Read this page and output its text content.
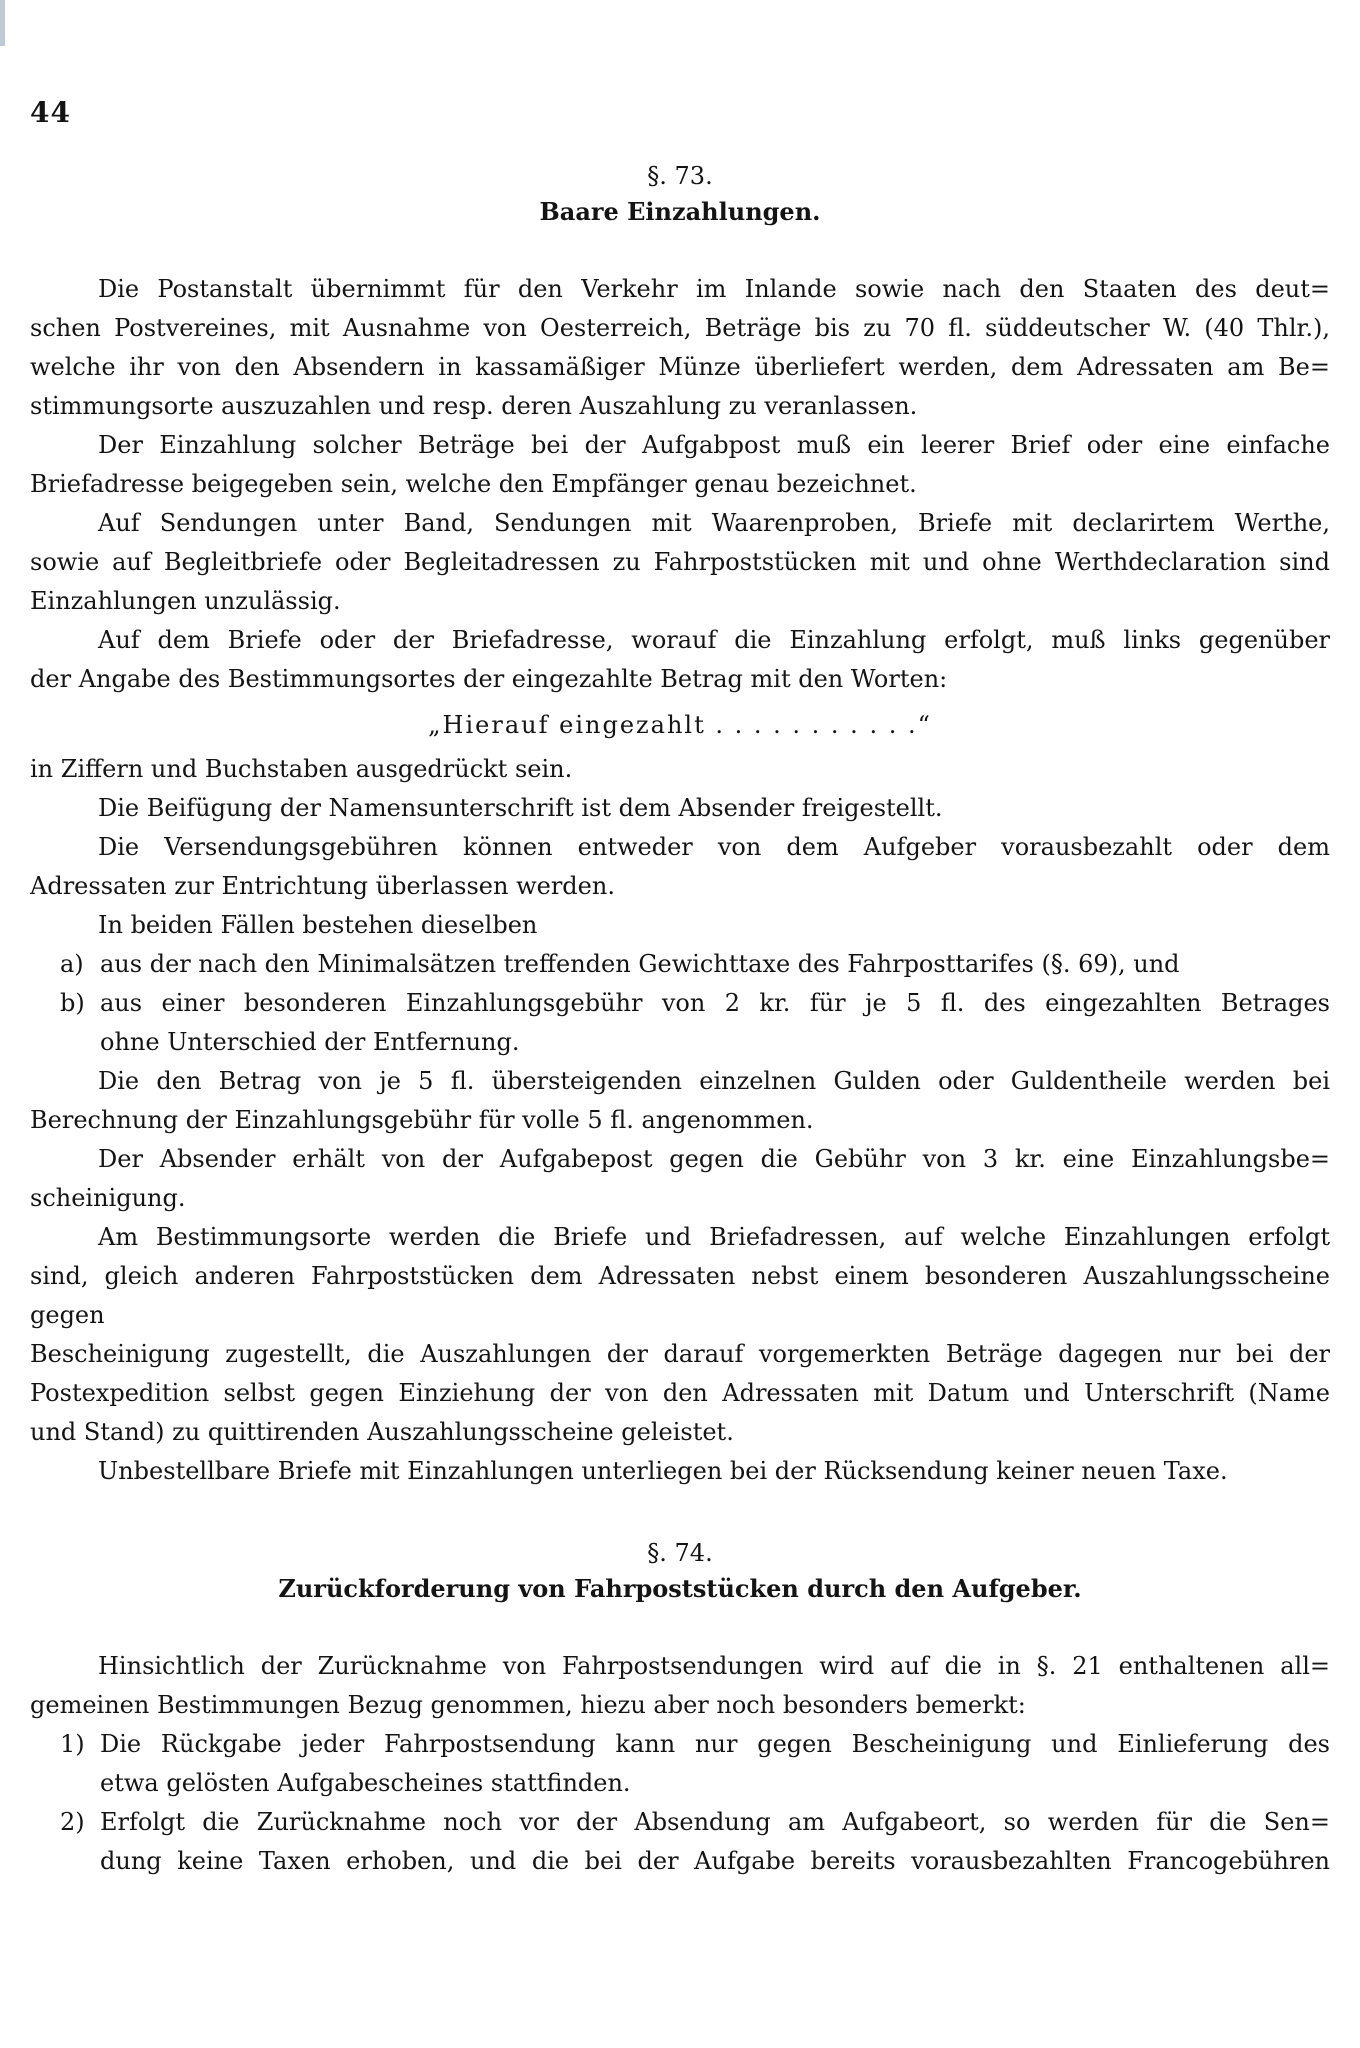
44
§. 73.
Baare Einzahlungen.
Die Postanstalt übernimmt für den Verkehr im Inlande sowie nach den Staaten des deut=
schen Postvereines, mit Ausnahme von Oesterreich, Beträge bis zu 70 fl. süddeutscher W. (40 Thlr.),
welche ihr von den Absendern in kassamäßiger Münze überliefert werden, dem Adressaten am Be=
stimmungsorte auszuzahlen und resp. deren Auszahlung zu veranlassen.
Der Einzahlung solcher Beträge bei der Aufgabpost muß ein leerer Brief oder eine einfache
Briefadresse beigegeben sein, welche den Empfänger genau bezeichnet.
Auf Sendungen unter Band, Sendungen mit Waarenproben, Briefe mit declarirtem Werthe,
sowie auf Begleitbriefe oder Begleitadressen zu Fahrpoststücken mit und ohne Werthdeclaration sind
Einzahlungen unzulässig.
Auf dem Briefe oder der Briefadresse, worauf die Einzahlung erfolgt, muß links gegenüber
der Angabe des Bestimmungsortes der eingezahlte Betrag mit den Worten:
„Hierauf eingezahlt . . . . . . . . . . .“
in Ziffern und Buchstaben ausgedrückt sein.
Die Beifügung der Namensunterschrift ist dem Absender freigestellt.
Die Versendungsgebühren können entweder von dem Aufgeber vorausbezahlt oder dem
Adressaten zur Entrichtung überlassen werden.
In beiden Fällen bestehen dieselben
a) aus der nach den Minimalsätzen treffenden Gewichttaxe des Fahrposttarifes (§. 69), und
b) aus einer besonderen Einzahlungsgebühr von 2 kr. für je 5 fl. des eingezahlten Betrages
ohne Unterschied der Entfernung.
Die den Betrag von je 5 fl. übersteigenden einzelnen Gulden oder Guldentheile werden bei
Berechnung der Einzahlungsgebühr für volle 5 fl. angenommen.
Der Absender erhält von der Aufgabepost gegen die Gebühr von 3 kr. eine Einzahlungsbe=
scheinigung.
Am Bestimmungsorte werden die Briefe und Briefadressen, auf welche Einzahlungen erfolgt
sind, gleich anderen Fahrpoststücken dem Adressaten nebst einem besonderen Auszahlungsscheine gegen
Bescheinigung zugestellt, die Auszahlungen der darauf vorgemerkten Beträge dagegen nur bei der
Postexpedition selbst gegen Einziehung der von den Adressaten mit Datum und Unterschrift (Name
und Stand) zu quittirenden Auszahlungsscheine geleistet.
Unbestellbare Briefe mit Einzahlungen unterliegen bei der Rücksendung keiner neuen Taxe.
§. 74.
Zurückforderung von Fahrpoststücken durch den Aufgeber.
Hinsichtlich der Zurücknahme von Fahrpostsendungen wird auf die in §. 21 enthaltenen all=
gemeinen Bestimmungen Bezug genommen, hiezu aber noch besonders bemerkt:
1) Die Rückgabe jeder Fahrpostsendung kann nur gegen Bescheinigung und Einlieferung des
etwa gelösten Aufgabescheines stattfinden.
2) Erfolgt die Zurücknahme noch vor der Absendung am Aufgabeort, so werden für die Sen=
dung keine Taxen erhoben, und die bei der Aufgabe bereits vorausbezahlten Francogebühren
